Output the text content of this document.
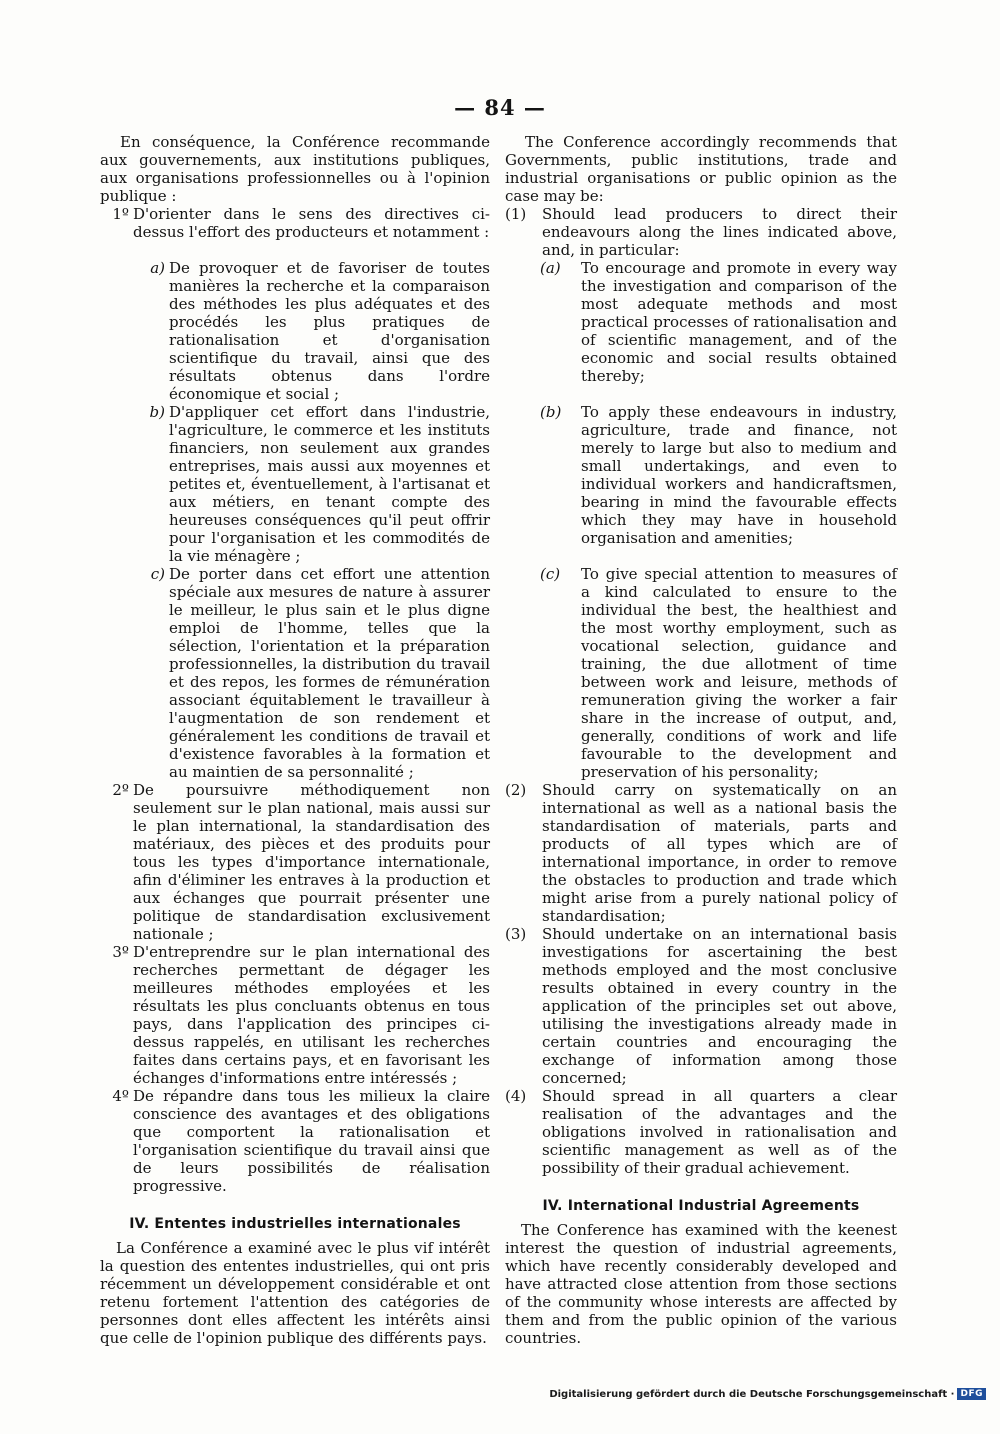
— 84 —

En conséquence, la Conférence recommande aux gouvernements, aux institutions publiques, aux organisations professionnelles ou à l'opinion publique :

1º D'orienter dans le sens des directives ci-dessus l'effort des producteurs et notamment :
a) De provoquer et de favoriser de toutes manières la recherche et la comparaison des méthodes les plus adéquates et des procédés les plus pratiques de rationalisation et d'organisation scientifique du travail, ainsi que des résultats obtenus dans l'ordre économique et social ;
b) D'appliquer cet effort dans l'industrie, l'agriculture, le commerce et les instituts financiers, non seulement aux grandes entreprises, mais aussi aux moyennes et petites et, éventuellement, à l'artisanat et aux métiers, en tenant compte des heureuses conséquences qu'il peut offrir pour l'organisation et les commodités de la vie ménagère ;
c) De porter dans cet effort une attention spéciale aux mesures de nature à assurer le meilleur, le plus sain et le plus digne emploi de l'homme, telles que la sélection, l'orientation et la préparation professionnelles, la distribution du travail et des repos, les formes de rémunération associant équitablement le travailleur à l'augmentation de son rendement et généralement les conditions de travail et d'existence favorables à la formation et au maintien de sa personnalité ;
2º De poursuivre méthodiquement non seulement sur le plan national, mais aussi sur le plan international, la standardisation des matériaux, des pièces et des produits pour tous les types d'importance internationale, afin d'éliminer les entraves à la production et aux échanges que pourrait présenter une politique de standardisation exclusivement nationale ;
3º D'entreprendre sur le plan international des recherches permettant de dégager les meilleures méthodes employées et les résultats les plus concluants obtenus en tous pays, dans l'application des principes ci-dessus rappelés, en utilisant les recherches faites dans certains pays, et en favorisant les échanges d'informations entre intéressés ;
4º De répandre dans tous les milieux la claire conscience des avantages et des obligations que comportent la rationalisation et l'organisation scientifique du travail ainsi que de leurs possibilités de réalisation progressive.
IV. Ententes industrielles internationales

La Conférence a examiné avec le plus vif intérêt la question des ententes industrielles, qui ont pris récemment un développement considérable et ont retenu fortement l'attention des catégories de personnes dont elles affectent les intérêts ainsi que celle de l'opinion publique des différents pays.

The Conference accordingly recommends that Governments, public institutions, trade and industrial organisations or public opinion as the case may be:

(1)	Should lead producers to direct their endeavours along the lines indicated above, and, in particular:
(a)	To encourage and promote in every way the investigation and comparison of the most adequate methods and most practical processes of rationalisation and of scientific management, and of the economic and social results obtained thereby;
(b)	To apply these endeavours in industry, agriculture, trade and finance, not merely to large but also to medium and small undertakings, and even to individual workers and handicraftsmen, bearing in mind the favourable effects which they may have in household organisation and amenities;
(c)	To give special attention to measures of a kind calculated to ensure to the individual the best, the healthiest and the most worthy employment, such as vocational selection, guidance and training, the due allotment of time between work and leisure, methods of remuneration giving the worker a fair share in the increase of output, and, generally, conditions of work and life favourable to the development and preservation of his personality;
(2)	Should carry on systematically on an international as well as a national basis the standardisation of materials, parts and products of all types which are of international importance, in order to remove the obstacles to production and trade which might arise from a purely national policy of standardisation;
(3)	Should undertake on an international basis investigations for ascertaining the best methods employed and the most conclusive results obtained in every country in the application of the principles set out above, utilising the investigations already made in certain countries and encouraging the exchange of information among those concerned;
(4)	Should spread in all quarters a clear realisation of the advantages and the obligations involved in rationalisation and scientific management as well as of the possibility of their gradual achievement.
IV. International Industrial Agreements

The Conference has examined with the keenest interest the question of industrial agreements, which have recently considerably developed and have attracted close attention from those sections of the community whose interests are affected by them and from the public opinion of the various countries.

Digitalisierung gefördert durch die Deutsche Forschungsgemeinschaft · DFG
